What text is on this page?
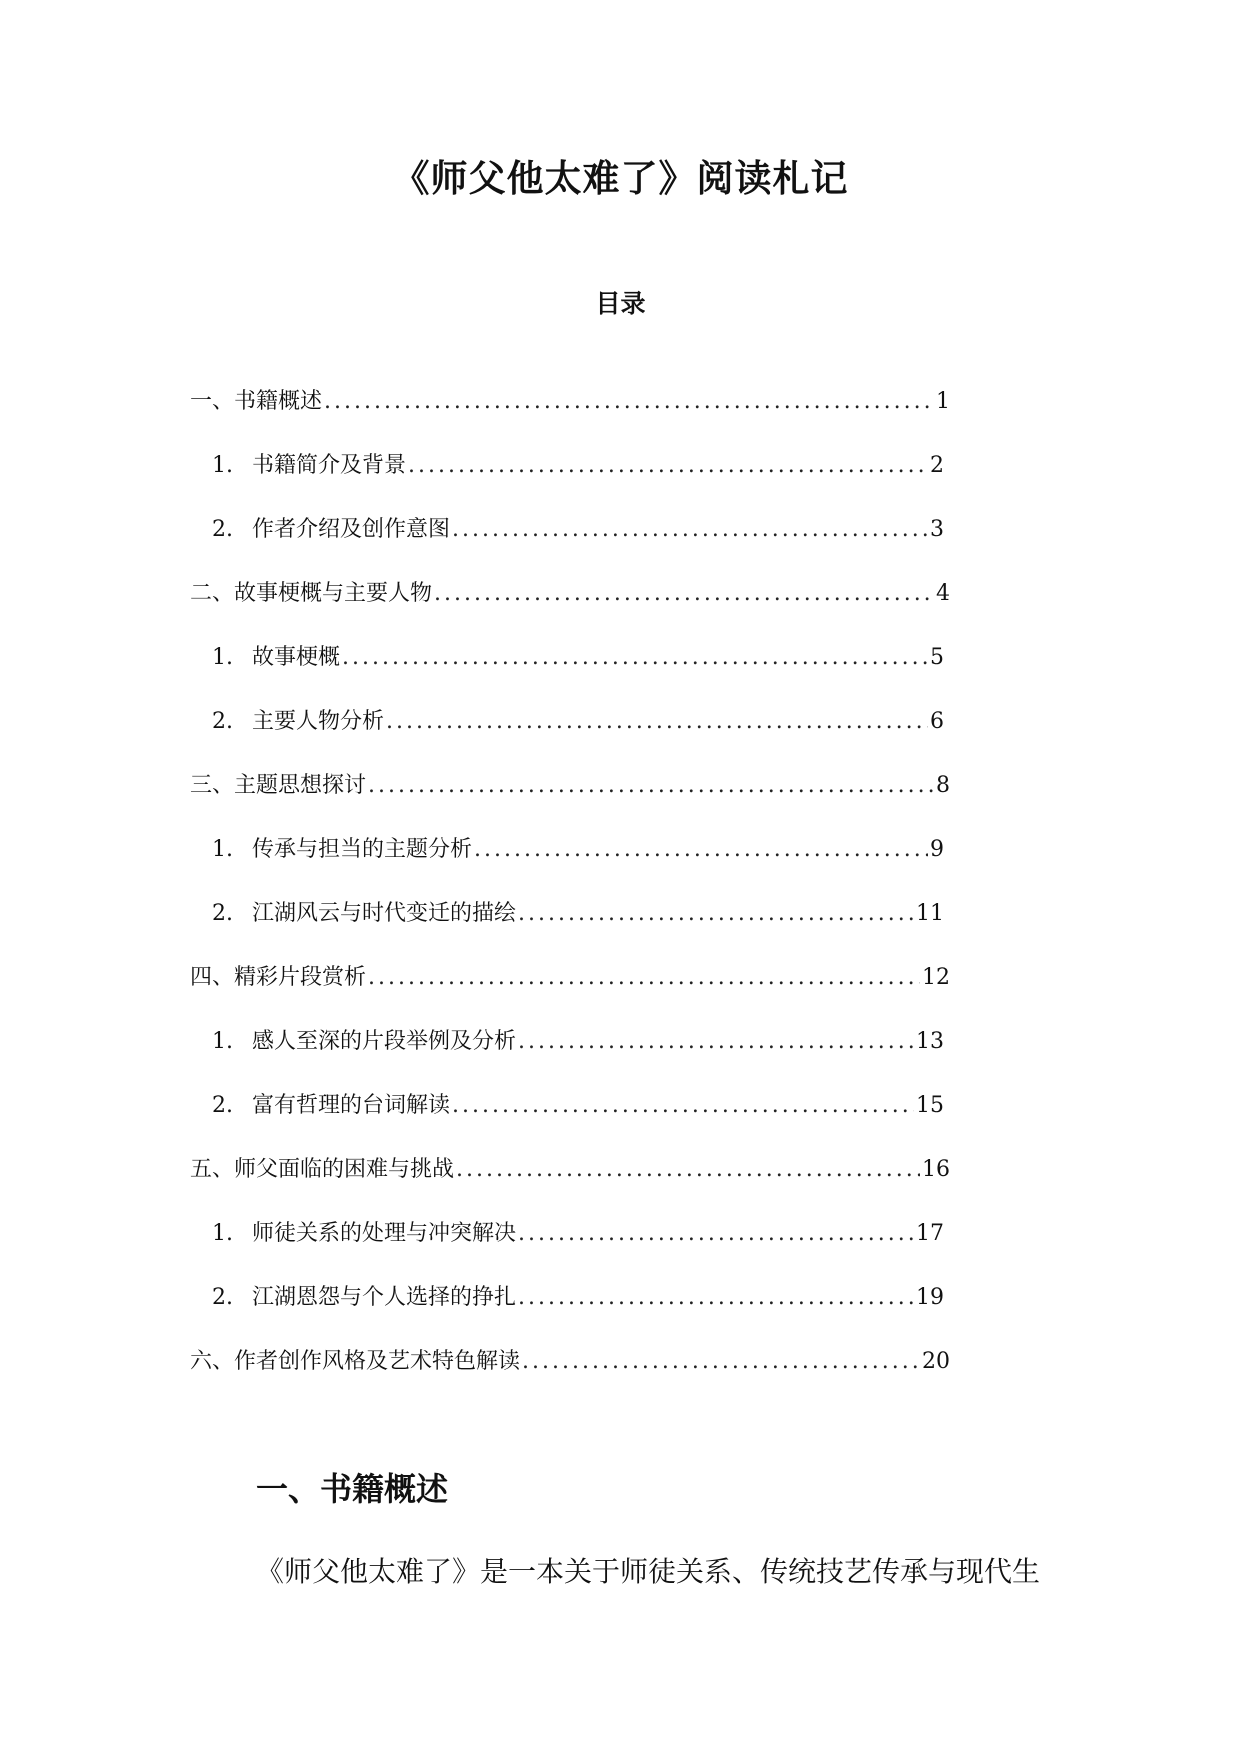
《师父他太难了》阅读札记
目录
一、书籍概述 .....	1
1. 书籍简介及背景 .....	2
2. 作者介绍及创作意图 .....	3
二、故事梗概与主要人物 .....	4
1. 故事梗概 .....	5
2. 主要人物分析 .....	6
三、主题思想探讨 .....	8
1. 传承与担当的主题分析 .....	9
2. 江湖风云与时代变迁的描绘 .....	11
四、精彩片段赏析 .....	12
1. 感人至深的片段举例及分析 .....	13
2. 富有哲理的台词解读 .....	15
五、师父面临的困难与挑战 .....	16
1. 师徒关系的处理与冲突解决 .....	17
2. 江湖恩怨与个人选择的挣扎 .....	19
六、作者创作风格及艺术特色解读 .....	20
一、书籍概述
《师父他太难了》是一本关于师徒关系、传统技艺传承与现代生
